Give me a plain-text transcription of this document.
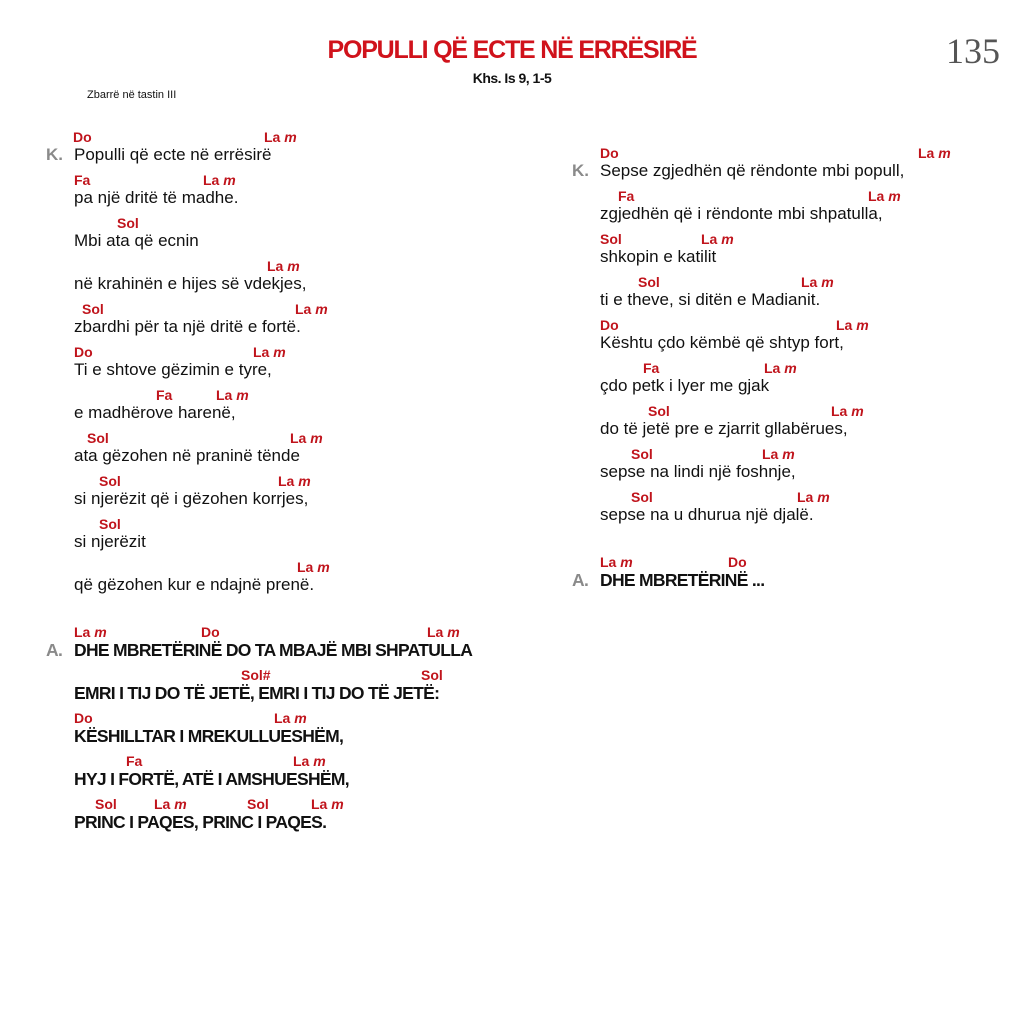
135
POPULLI QË ECTE NË ERRËSIRË
Khs. Is 9, 1-5
Zbarrë në tastin III
Do	La m
K. Populli që ecte në errësirë
Fa	La m
pa një dritë të madhe.
Sol
Mbi ata që ecnin
La m
në krahinën e hijes së vdekjes,
Sol	La m
zbardhi për ta një dritë e fortë.
Do	La m
Ti e shtove gëzimin e tyre,
Fa	La m
e madhërove harenë,
Sol	La m
ata gëzohen në praninë tënde
Sol	La m
si njerëzit që i gëzohen korrjes,
Sol
si njerëzit
La m
që gëzohen kur e ndajnë prenë.
La m	Do	La m
A. DHE MBRETËRINË DO TA MBAJË MBI SHPATULLA
Sol#	Sol
EMRI I TIJ DO TË JETË, EMRI I TIJ DO TË JETË:
Do	La m
KËSHILLTAR I MREKULLUESHËM,
Fa	La m
HYJ I FORTË, ATË I AMSHUESHËM,
Sol	La m	Sol	La m
PRINC I PAQES, PRINC I PAQES.
Do	La m
K. Sepse zgjedhën që rëndonte mbi popull,
Fa	La m
zgjedhën që i rëndonte mbi shpatulla,
Sol	La m
shkopin e katilit
Sol	La m
ti e theve, si ditën e Madianit.
Do	La m
Kështu çdo këmbë që shtyp fort,
Fa	La m
çdo petk i lyer me gjak
Sol	La m
do të jetë pre e zjarrit gllabërues,
Sol	La m
sepse na lindi një foshnje,
Sol	La m
sepse na u dhurua një djalë.
La m	Do
A. DHE MBRETËRINË ...
